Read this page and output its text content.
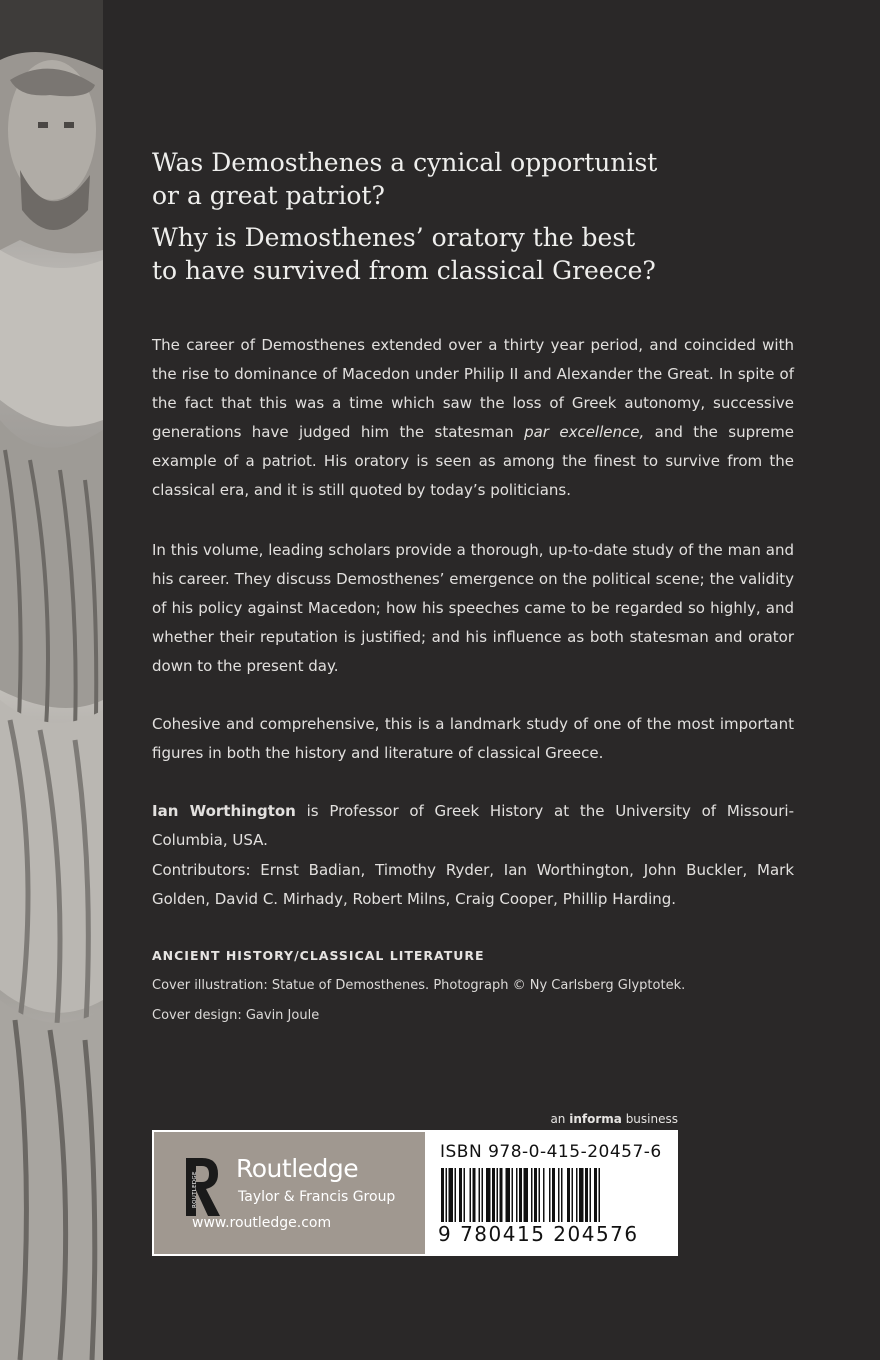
Was Demosthenes a cynical opportunist
or a great patriot?
Why is Demosthenes’ oratory the best
to have survived from classical Greece?
The career of Demosthenes extended over a thirty year period, and coincided with the rise to dominance of Macedon under Philip II and Alexander the Great. In spite of the fact that this was a time which saw the loss of Greek autonomy, successive generations have judged him the statesman par excellence, and the supreme example of a patriot. His oratory is seen as among the finest to survive from the classical era, and it is still quoted by today’s politicians.
In this volume, leading scholars provide a thorough, up-to-date study of the man and his career. They discuss Demosthenes’ emergence on the political scene; the validity of his policy against Macedon; how his speeches came to be regarded so highly, and whether their reputation is justified; and his influence as both statesman and orator down to the present day.
Cohesive and comprehensive, this is a landmark study of one of the most important figures in both the history and literature of classical Greece.
Ian Worthington is Professor of Greek History at the University of Missouri-Columbia, USA.
Contributors: Ernst Badian, Timothy Ryder, Ian Worthington, John Buckler, Mark Golden, David C. Mirhady, Robert Milns, Craig Cooper, Phillip Harding.
ANCIENT HISTORY/CLASSICAL LITERATURE
Cover illustration: Statue of Demosthenes. Photograph © Ny Carlsberg Glyptotek.
Cover design: Gavin Joule
an informa business
ROUTLEDGE
Routledge
Taylor & Francis Group
www.routledge.com
ISBN 978-0-415-20457-6
9 780415 204576
